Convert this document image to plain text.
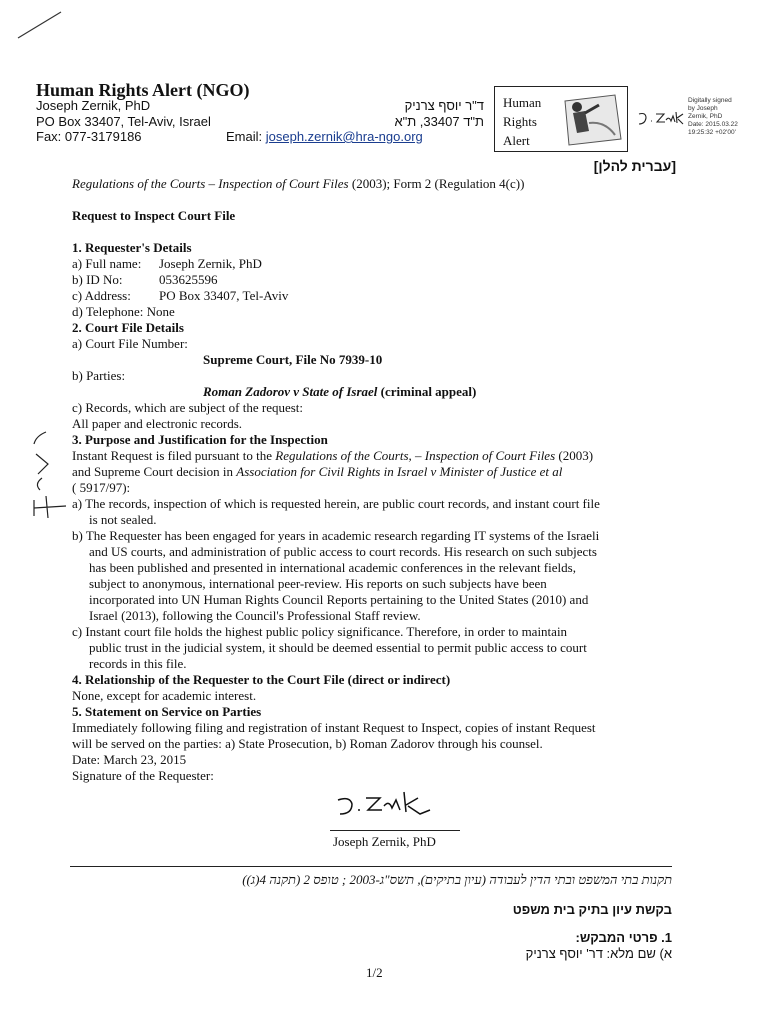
Human Rights Alert (NGO)
Joseph Zernik, PhD
PO Box 33407, Tel-Aviv, Israel
Fax: 077-3179186	Email: joseph.zernik@hra-ngo.org
ד"ר יוסף צרניק
ת"ד 33407, ת"א
Human
Rights
Alert
Digitally signed
by Joseph
Zernik, PhD
Date: 2015.03.22
19:25:32 +02'00'
[עברית להלן]
Regulations of the Courts – Inspection of Court Files (2003); Form 2 (Regulation 4(c))
Request to Inspect Court File
1. Requester's Details
a) Full name: Joseph Zernik, PhD
b) ID No:	053625596
c) Address: PO Box 33407, Tel-Aviv
d) Telephone: None
2. Court File Details
a) Court File Number:
Supreme Court, File No 7939-10
b) Parties:
Roman Zadorov v State of Israel (criminal appeal)
c) Records, which are subject of the request:
All paper and electronic records.
3. Purpose and Justification for the Inspection
Instant Request is filed pursuant to the Regulations of the Courts, – Inspection of Court Files (2003)
and Supreme Court decision in Association for Civil Rights in Israel v Minister of Justice et al
( 5917/97):
a) The records, inspection of which is requested herein, are public court records, and instant court file
is not sealed.
b) The Requester has been engaged for years in academic research regarding IT systems of the Israeli
and US courts, and administration of public access to court records. His research on such subjects
has been published and presented in international academic conferences in the relevant fields,
subject to anonymous, international peer-review. His reports on such subjects have been
incorporated into UN Human Rights Council Reports pertaining to the United States (2010) and
Israel (2013), following the Council's Professional Staff review.
c) Instant court file holds the highest public policy significance. Therefore, in order to maintain
public trust in the judicial system, it should be deemed essential to permit public access to court
records in this file.
4. Relationship of the Requester to the Court File (direct or indirect)
None, except for academic interest.
5. Statement on Service on Parties
Immediately following filing and registration of instant Request to Inspect, copies of instant Request
will be served on the parties: a) State Prosecution, b) Roman Zadorov through his counsel.
Date: March 23, 2015
Signature of the Requester:
Joseph Zernik, PhD
תקנות בתי המשפט ובתי הדין לעבודה (עיון בתיקים), תשס"ג-2003 ; טופס 2 (תקנה 4(ג))
בקשת עיון בתיק בית משפט
1. פרטי המבקש:
א) שם מלא: דר' יוסף צרניק
1/2
